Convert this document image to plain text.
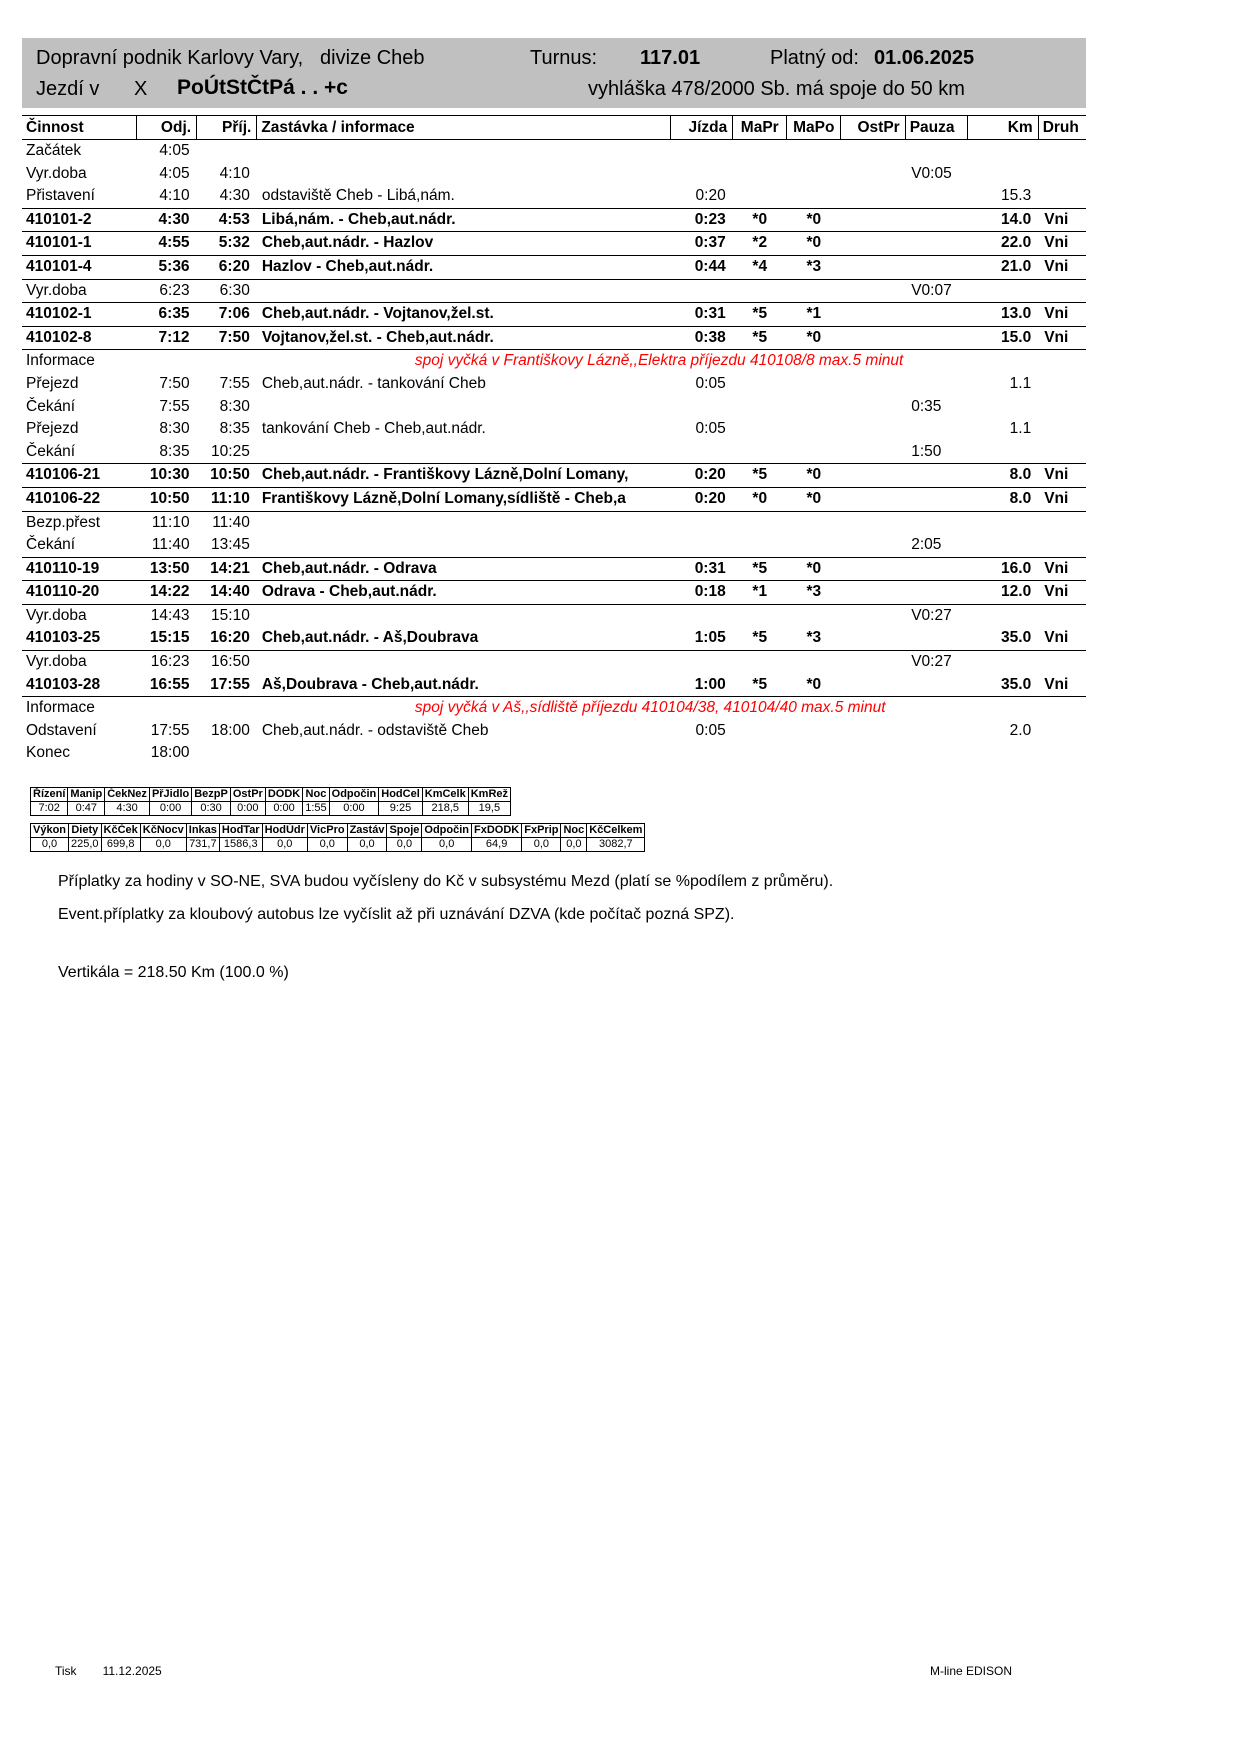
Dopravní podnik Karlovy Vary, divize Cheb	Turnus: 117.01	Platný od: 01.06.2025
Jezdí v X PoÚtStČtPá . . +c	vyhláška 478/2000 Sb. má spoje do 50 km
Činnost	Odj.	Příj.	Zastávka / informace	Jízda	MaPr	MaPo	OstPr	Pauza	Km	Druh
Začátek	4:05									
Vyr.doba	4:05	4:10						V0:05		
Přistavení	4:10	4:30	odstaviště Cheb - Libá,nám.	0:20					15.3	
410101-2	4:30	4:53	Libá,nám. - Cheb,aut.nádr.	0:23	*0	*0			14.0	Vni
410101-1	4:55	5:32	Cheb,aut.nádr. - Hazlov	0:37	*2	*0			22.0	Vni
410101-4	5:36	6:20	Hazlov - Cheb,aut.nádr.	0:44	*4	*3			21.0	Vni
Vyr.doba	6:23	6:30						V0:07		
410102-1	6:35	7:06	Cheb,aut.nádr. - Vojtanov,žel.st.	0:31	*5	*1			13.0	Vni
410102-8	7:12	7:50	Vojtanov,žel.st. - Cheb,aut.nádr.	0:38	*5	*0			15.0	Vni
Informace			spoj vyčká v Františkovy Lázně,,Elektra příjezdu 410108/8 max.5 minut							
Přejezd	7:50	7:55	Cheb,aut.nádr. - tankování Cheb	0:05					1.1	
Čekání	7:55	8:30						0:35		
Přejezd	8:30	8:35	tankování Cheb - Cheb,aut.nádr.	0:05					1.1	
Čekání	8:35	10:25						1:50		
410106-21	10:30	10:50	Cheb,aut.nádr. - Františkovy Lázně,Dolní Lomany,	0:20	*5	*0			8.0	Vni
410106-22	10:50	11:10	Františkovy Lázně,Dolní Lomany,sídliště - Cheb,a	0:20	*0	*0			8.0	Vni
Bezp.přest	11:10	11:40								
Čekání	11:40	13:45						2:05		
410110-19	13:50	14:21	Cheb,aut.nádr. - Odrava	0:31	*5	*0			16.0	Vni
410110-20	14:22	14:40	Odrava - Cheb,aut.nádr.	0:18	*1	*3			12.0	Vni
Vyr.doba	14:43	15:10						V0:27		
410103-25	15:15	16:20	Cheb,aut.nádr. - Aš,Doubrava	1:05	*5	*3			35.0	Vni
Vyr.doba	16:23	16:50						V0:27		
410103-28	16:55	17:55	Aš,Doubrava - Cheb,aut.nádr.	1:00	*5	*0			35.0	Vni
Informace			spoj vyčká v Aš,,sídliště příjezdu 410104/38, 410104/40 max.5 minut							
Odstavení	17:55	18:00	Cheb,aut.nádr. - odstaviště Cheb	0:05					2.0	
Konec	18:00									
Řízení	Manip	ČekNez	PřJidlo	BezpP	OstPr	DODK	Noc	Odpočin	HodCel	KmCelk	KmRež
7:02	0:47	4:30	0:00	0:30	0:00	0:00	1:55	0:00	9:25	218,5	19,5
Výkon	Diety	KčČek	KčNocv	Inkas	HodTar	HodÚdr	VicPro	Zastáv	Spoje	Odpočin	FxDODK	FxPrip	Noc	KčCelkem
0,0	225,0	699,8	0,0	731,7	1586,3	0,0	0,0	0,0	0,0	0,0	64,9	0,0	0,0	3082,7
Příplatky za hodiny v SO-NE, SVA budou vyčísleny do Kč v subsystému Mezd (platí se %podílem z průměru).
Event.příplatky za kloubový autobus lze vyčíslit až při uznávání DZVA (kde počítač pozná SPZ).
Vertikála = 218.50 Km (100.0 %)
Tisk 11.12.2025	M-line EDISON
